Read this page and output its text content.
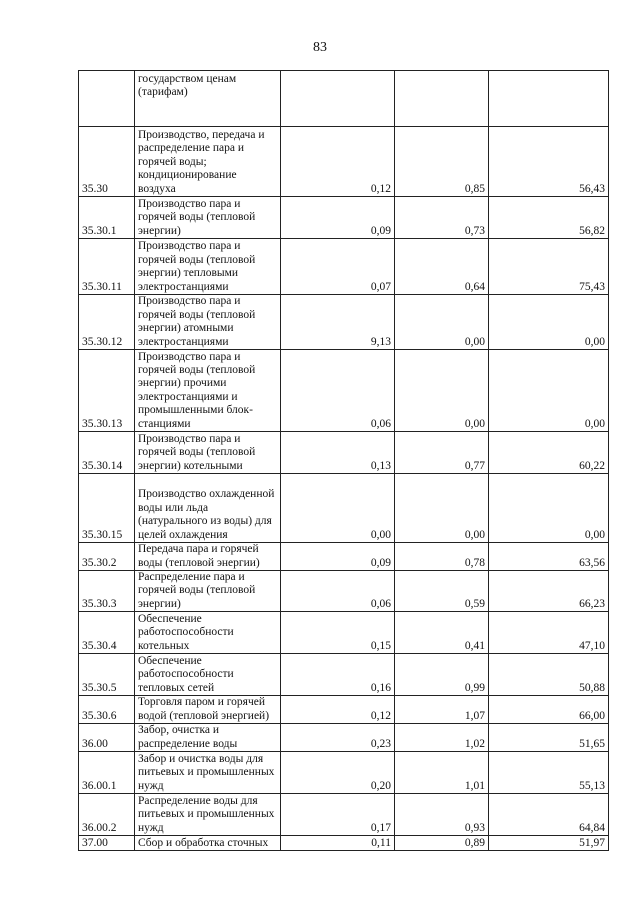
83

	государством ценам (тарифам)			

35.30	Производство, передача и распределение пара и горячей воды; кондиционирование воздуха	0,12	0,85	56,43
35.30.1	Производство пара и горячей воды (тепловой энергии)	0,09	0,73	56,82
35.30.11	Производство пара и горячей воды (тепловой энергии) тепловыми электростанциями	0,07	0,64	75,43
35.30.12	Производство пара и горячей воды (тепловой энергии) атомными электростанциями	9,13	0,00	0,00
35.30.13	Производство пара и горячей воды (тепловой энергии) прочими электростанциями и промышленными блок-станциями	0,06	0,00	0,00
35.30.14	Производство пара и горячей воды (тепловой энергии) котельными	0,13	0,77	60,22
35.30.15	Производство охлажденной воды или льда (натурального из воды) для целей охлаждения	0,00	0,00	0,00
35.30.2	Передача пара и горячей воды (тепловой энергии)	0,09	0,78	63,56
35.30.3	Распределение пара и горячей воды (тепловой энергии)	0,06	0,59	66,23
35.30.4	Обеспечение работоспособности котельных	0,15	0,41	47,10
35.30.5	Обеспечение работоспособности тепловых сетей	0,16	0,99	50,88
35.30.6	Торговля паром и горячей водой (тепловой энергией)	0,12	1,07	66,00
36.00	Забор, очистка и распределение воды	0,23	1,02	51,65
36.00.1	Забор и очистка воды для питьевых и промышленных нужд	0,20	1,01	55,13
36.00.2	Распределение воды для питьевых и промышленных нужд	0,17	0,93	64,84
37.00	Сбор и обработка сточных	0,11	0,89	51,97
